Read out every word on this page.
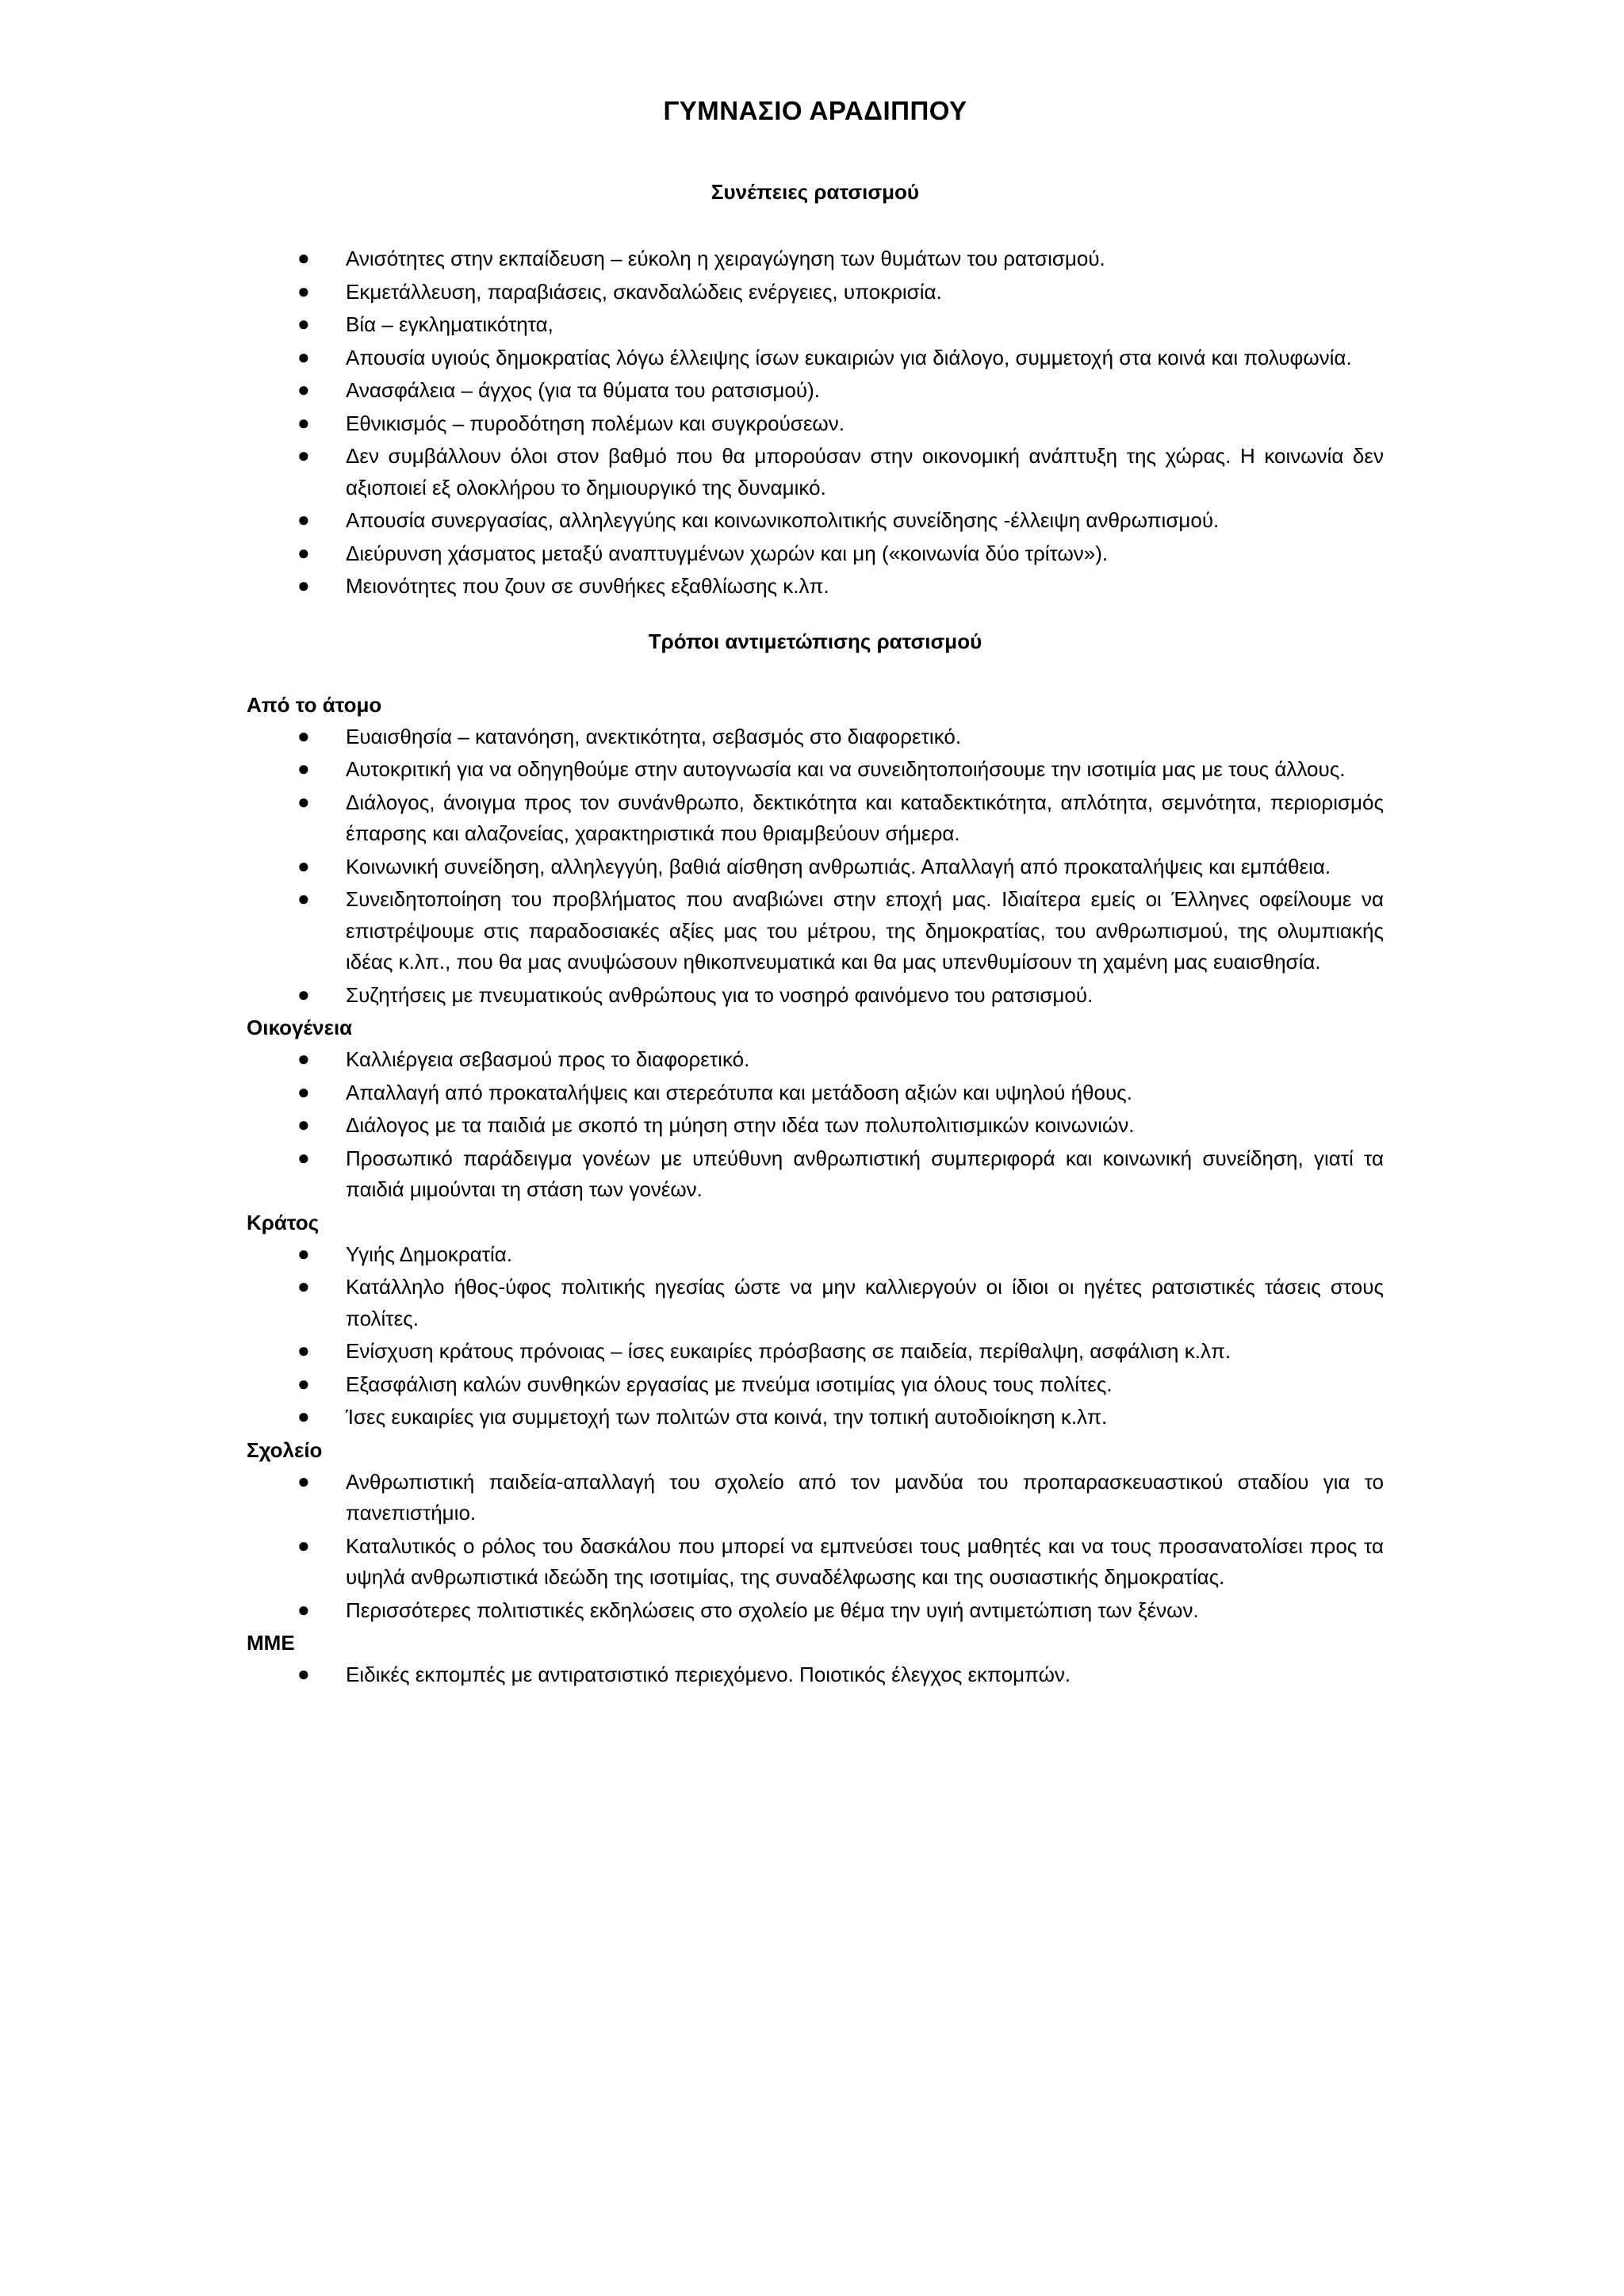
ΓΥΜΝΑΣΙΟ ΑΡΑΔΙΠΠΟΥ
Συνέπειες ρατσισμού
● Ανισότητες στην εκπαίδευση – εύκολη η χειραγώγηση των θυμάτων του ρατσισμού.
● Εκμετάλλευση, παραβιάσεις, σκανδαλώδεις ενέργειες, υποκρισία.
● Βία – εγκληματικότητα,
● Απουσία υγιούς δημοκρατίας λόγω έλλειψης ίσων ευκαιριών για διάλογο, συμμετοχή στα κοινά και πολυφωνία.
● Ανασφάλεια – άγχος (για τα θύματα του ρατσισμού).
● Εθνικισμός – πυροδότηση πολέμων και συγκρούσεων.
● Δεν συμβάλλουν όλοι στον βαθμό που θα μπορούσαν στην οικονομική ανάπτυξη της χώρας. Η κοινωνία δεν αξιοποιεί εξ ολοκλήρου το δημιουργικό της δυναμικό.
● Απουσία συνεργασίας, αλληλεγγύης και κοινωνικοπολιτικής συνείδησης -έλλειψη ανθρωπισμού.
● Διεύρυνση χάσματος μεταξύ αναπτυγμένων χωρών και μη («κοινωνία δύο τρίτων»).
● Μειονότητες που ζουν σε συνθήκες εξαθλίωσης κ.λπ.
Τρόποι αντιμετώπισης ρατσισμού
Από το άτομο
● Ευαισθησία – κατανόηση, ανεκτικότητα, σεβασμός στο διαφορετικό.
● Αυτοκριτική για να οδηγηθούμε στην αυτογνωσία και να συνειδητοποιήσουμε την ισοτιμία μας με τους άλλους.
● Διάλογος, άνοιγμα προς τον συνάνθρωπο, δεκτικότητα και καταδεκτικότητα, απλότητα, σεμνότητα, περιορισμός έπαρσης και αλαζονείας, χαρακτηριστικά που θριαμβεύουν σήμερα.
● Κοινωνική συνείδηση, αλληλεγγύη, βαθιά αίσθηση ανθρωπιάς. Απαλλαγή από προκαταλήψεις και εμπάθεια.
● Συνειδητοποίηση του προβλήματος που αναβιώνει στην εποχή μας. Ιδιαίτερα εμείς οι Έλληνες οφείλουμε να επιστρέψουμε στις παραδοσιακές αξίες μας του μέτρου, της δημοκρατίας, του ανθρωπισμού, της ολυμπιακής ιδέας κ.λπ., που θα μας ανυψώσουν ηθικοπνευματικά και θα μας υπενθυμίσουν τη χαμένη μας ευαισθησία.
● Συζητήσεις με πνευματικούς ανθρώπους για το νοσηρό φαινόμενο του ρατσισμού.
Οικογένεια
● Καλλιέργεια σεβασμού προς το διαφορετικό.
● Απαλλαγή από προκαταλήψεις και στερεότυπα και μετάδοση αξιών και υψηλού ήθους.
● Διάλογος με τα παιδιά με σκοπό τη μύηση στην ιδέα των πολυπολιτισμικών κοινωνιών.
● Προσωπικό παράδειγμα γονέων με υπεύθυνη ανθρωπιστική συμπεριφορά και κοινωνική συνείδηση, γιατί τα παιδιά μιμούνται τη στάση των γονέων.
Κράτος
● Υγιής Δημοκρατία.
● Κατάλληλο ήθος-ύφος πολιτικής ηγεσίας ώστε να μην καλλιεργούν οι ίδιοι οι ηγέτες ρατσιστικές τάσεις στους πολίτες.
● Ενίσχυση κράτους πρόνοιας – ίσες ευκαιρίες πρόσβασης σε παιδεία, περίθαλψη, ασφάλιση κ.λπ.
● Εξασφάλιση καλών συνθηκών εργασίας με πνεύμα ισοτιμίας για όλους τους πολίτες.
● Ίσες ευκαιρίες για συμμετοχή των πολιτών στα κοινά, την τοπική αυτοδιοίκηση κ.λπ.
Σχολείο
● Ανθρωπιστική παιδεία-απαλλαγή του σχολείο από τον μανδύα του προπαρασκευαστικού σταδίου για το πανεπιστήμιο.
● Καταλυτικός ο ρόλος του δασκάλου που μπορεί να εμπνεύσει τους μαθητές και να τους προσανατολίσει προς τα υψηλά ανθρωπιστικά ιδεώδη της ισοτιμίας, της συναδέλφωσης και της ουσιαστικής δημοκρατίας.
● Περισσότερες πολιτιστικές εκδηλώσεις στο σχολείο με θέμα την υγιή αντιμετώπιση των ξένων.
ΜΜΕ
● Ειδικές εκπομπές με αντιρατσιστικό περιεχόμενο. Ποιοτικός έλεγχος εκπομπών.
